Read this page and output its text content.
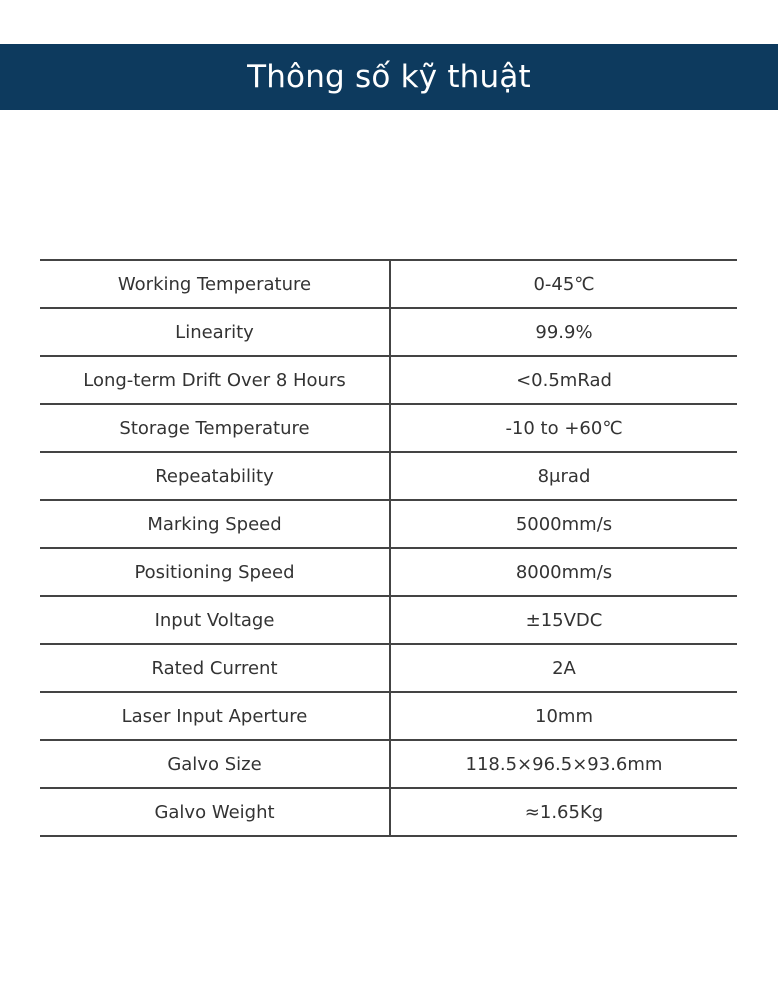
Thông số kỹ thuật
Working Temperature	0-45℃
Linearity	99.9%
Long-term Drift Over 8 Hours	<0.5mRad
Storage Temperature	-10 to +60℃
Repeatability	8μrad
Marking Speed	5000mm/s
Positioning Speed	8000mm/s
Input Voltage	±15VDC
Rated Current	2A
Laser Input Aperture	10mm
Galvo Size	118.5×96.5×93.6mm
Galvo Weight	≈1.65Kg
